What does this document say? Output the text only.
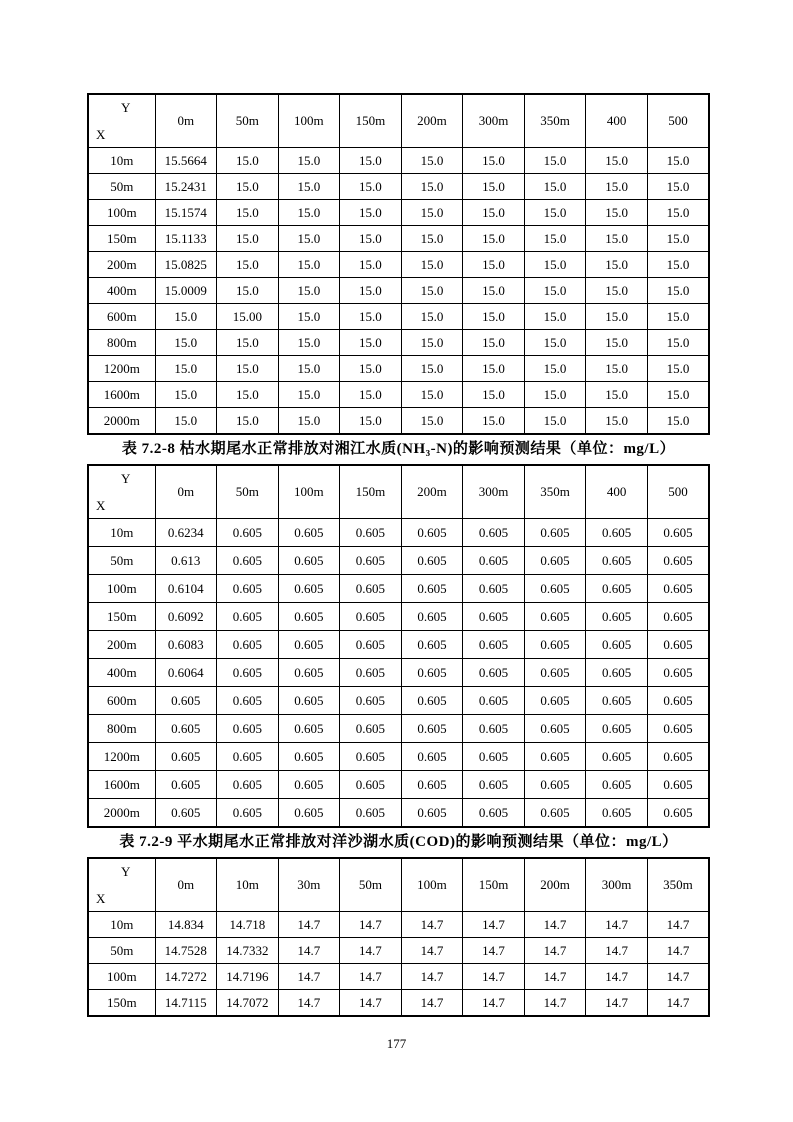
Y
X	0m	50m	100m	150m	200m	300m	350m	400	500
10m	15.5664	15.0	15.0	15.0	15.0	15.0	15.0	15.0	15.0
50m	15.2431	15.0	15.0	15.0	15.0	15.0	15.0	15.0	15.0
100m	15.1574	15.0	15.0	15.0	15.0	15.0	15.0	15.0	15.0
150m	15.1133	15.0	15.0	15.0	15.0	15.0	15.0	15.0	15.0
200m	15.0825	15.0	15.0	15.0	15.0	15.0	15.0	15.0	15.0
400m	15.0009	15.0	15.0	15.0	15.0	15.0	15.0	15.0	15.0
600m	15.0	15.00	15.0	15.0	15.0	15.0	15.0	15.0	15.0
800m	15.0	15.0	15.0	15.0	15.0	15.0	15.0	15.0	15.0
1200m	15.0	15.0	15.0	15.0	15.0	15.0	15.0	15.0	15.0
1600m	15.0	15.0	15.0	15.0	15.0	15.0	15.0	15.0	15.0
2000m	15.0	15.0	15.0	15.0	15.0	15.0	15.0	15.0	15.0
表 7.2-8 枯水期尾水正常排放对湘江水质(NH₃-N)的影响预测结果（单位：mg/L）
Y
X	0m	50m	100m	150m	200m	300m	350m	400	500
10m	0.6234	0.605	0.605	0.605	0.605	0.605	0.605	0.605	0.605
50m	0.613	0.605	0.605	0.605	0.605	0.605	0.605	0.605	0.605
100m	0.6104	0.605	0.605	0.605	0.605	0.605	0.605	0.605	0.605
150m	0.6092	0.605	0.605	0.605	0.605	0.605	0.605	0.605	0.605
200m	0.6083	0.605	0.605	0.605	0.605	0.605	0.605	0.605	0.605
400m	0.6064	0.605	0.605	0.605	0.605	0.605	0.605	0.605	0.605
600m	0.605	0.605	0.605	0.605	0.605	0.605	0.605	0.605	0.605
800m	0.605	0.605	0.605	0.605	0.605	0.605	0.605	0.605	0.605
1200m	0.605	0.605	0.605	0.605	0.605	0.605	0.605	0.605	0.605
1600m	0.605	0.605	0.605	0.605	0.605	0.605	0.605	0.605	0.605
2000m	0.605	0.605	0.605	0.605	0.605	0.605	0.605	0.605	0.605
表 7.2-9 平水期尾水正常排放对洋沙湖水质(COD)的影响预测结果（单位：mg/L）
Y
X	0m	10m	30m	50m	100m	150m	200m	300m	350m
10m	14.834	14.718	14.7	14.7	14.7	14.7	14.7	14.7	14.7
50m	14.7528	14.7332	14.7	14.7	14.7	14.7	14.7	14.7	14.7
100m	14.7272	14.7196	14.7	14.7	14.7	14.7	14.7	14.7	14.7
150m	14.7115	14.7072	14.7	14.7	14.7	14.7	14.7	14.7	14.7
177
